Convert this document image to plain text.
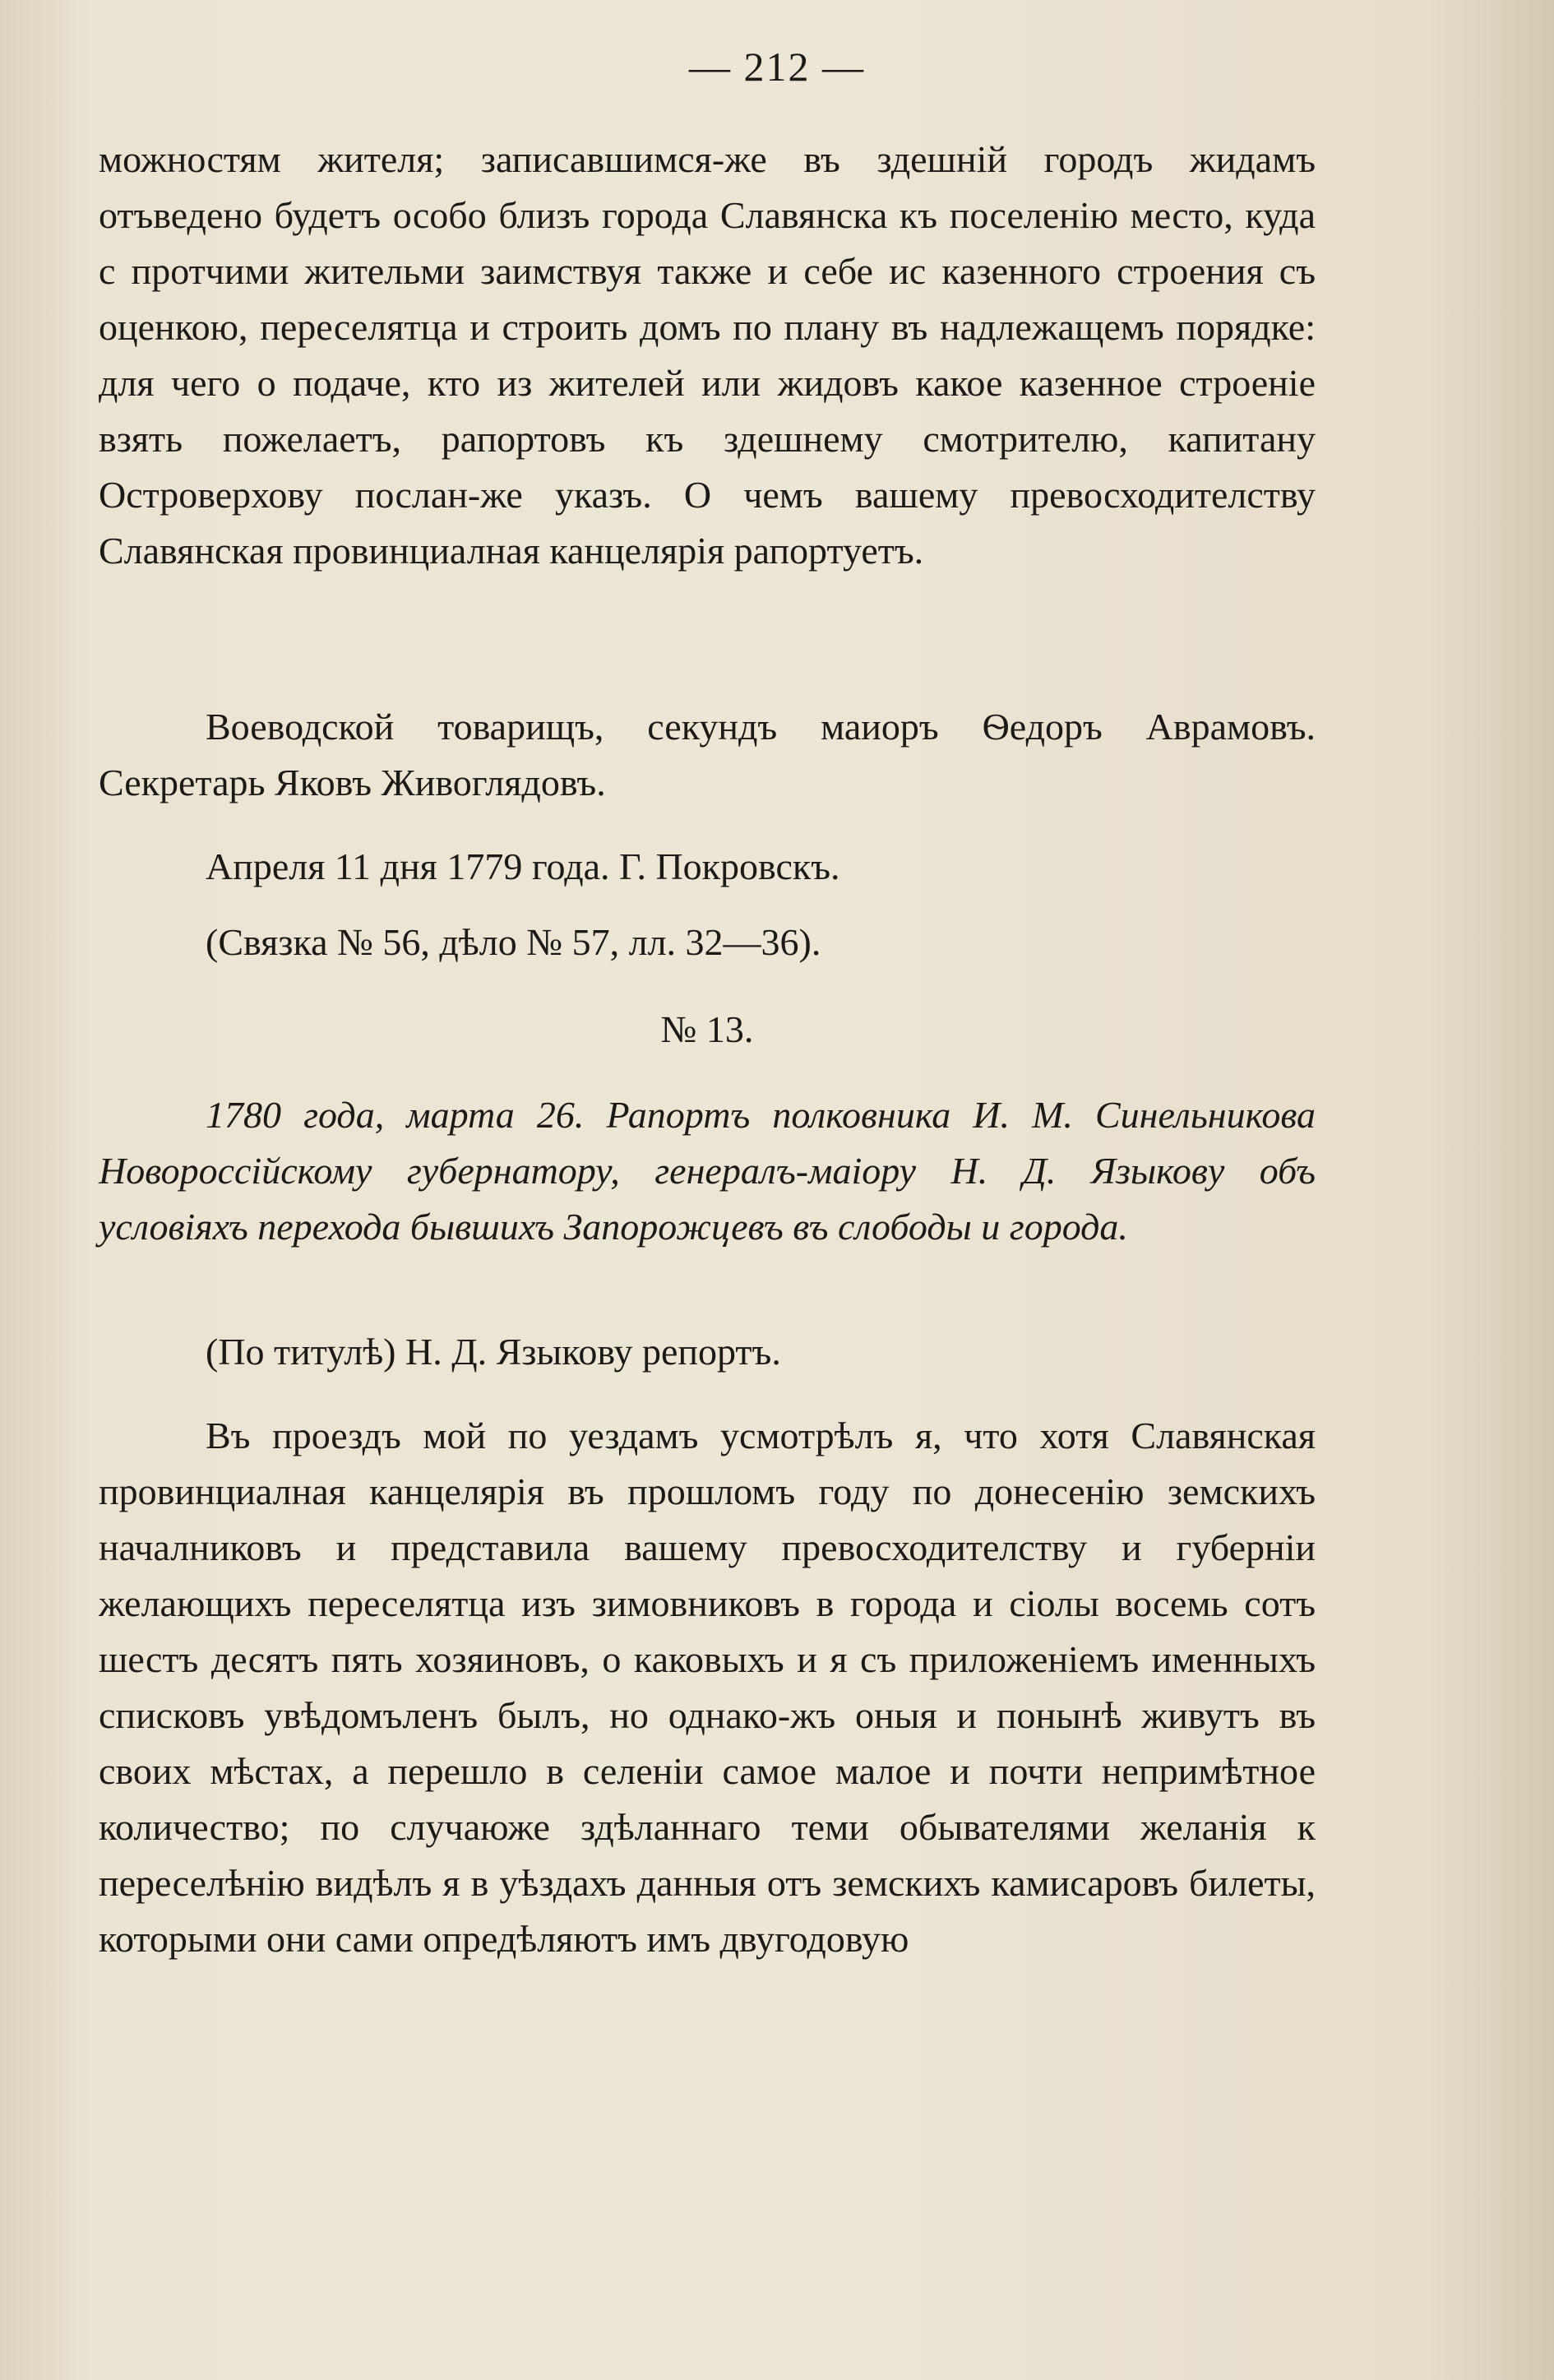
— 212 —

можностям жителя; записавшимся-же въ здешній городъ жидамъ отъведено будетъ особо близъ города Славянска къ поселенію место, куда с протчими жительми заимствуя также и себе ис казенного строения съ оценкою, переселятца и строить домъ по плану въ надлежащемъ порядке: для чего о подаче, кто из жителей или жидовъ какое казенное строеніе взять пожелаетъ, рапортовъ къ здешнему смотрителю, капитану Островерхову послан-же указъ. О чемъ вашему превосходителству Славянская провинциалная канцелярія рапортуетъ.

Воеводской товарищъ, секундъ маиоръ Ѳедоръ Аврамовъ. Секретарь Яковъ Живоглядовъ.

Апреля 11 дня 1779 года. Г. Покровскъ.

(Связка № 56, дѣло № 57, лл. 32—36).

№ 13.

1780 года, марта 26. Рапортъ полковника И. М. Синельникова Новороссійскому губернатору, генералъ-маіору Н. Д. Языкову объ условіяхъ перехода бывшихъ Запорожцевъ въ слободы и города.

(По титулѣ) Н. Д. Языкову репортъ.

Въ проездъ мой по уездамъ усмотрѣлъ я, что хотя Славянская провинциалная канцелярія въ прошломъ году по донесенію земскихъ началниковъ и представила вашему превосходителству и губерніи желающихъ переселятца изъ зимовниковъ в города и сіолы восемь сотъ шестъ десятъ пять хозяиновъ, о каковыхъ и я съ приложеніемъ именныхъ списковъ увѣдомъленъ былъ, но однако-жъ оныя и понынѣ живутъ въ своих мѣстах, а перешло в селеніи самое малое и почти непримѣтное количество; по случаюже здѣланнаго теми обывателями желанія к переселѣнію видѣлъ я в уѣздахъ данныя отъ земскихъ камисаровъ билеты, которыми они сами опредѣляютъ имъ двугодовую
